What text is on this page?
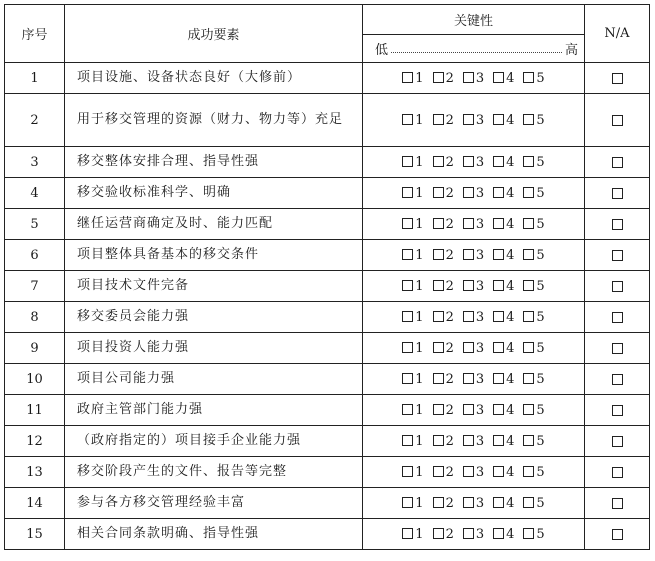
序号	成功要素	关键性	N/A

		低 高	

1	项目设施、设备状态良好（大修前）	1 2 3 4 5	
2	用于移交管理的资源（财力、物力等）充足	1 2 3 4 5	
3	移交整体安排合理、指导性强	1 2 3 4 5	
4	移交验收标准科学、明确	1 2 3 4 5	
5	继任运营商确定及时、能力匹配	1 2 3 4 5	
6	项目整体具备基本的移交条件	1 2 3 4 5	
7	项目技术文件完备	1 2 3 4 5	
8	移交委员会能力强	1 2 3 4 5	
9	项目投资人能力强	1 2 3 4 5	
10	项目公司能力强	1 2 3 4 5	
11	政府主管部门能力强	1 2 3 4 5	
12	（政府指定的）项目接手企业能力强	1 2 3 4 5	
13	移交阶段产生的文件、报告等完整	1 2 3 4 5	
14	参与各方移交管理经验丰富	1 2 3 4 5	
15	相关合同条款明确、指导性强	1 2 3 4 5	
